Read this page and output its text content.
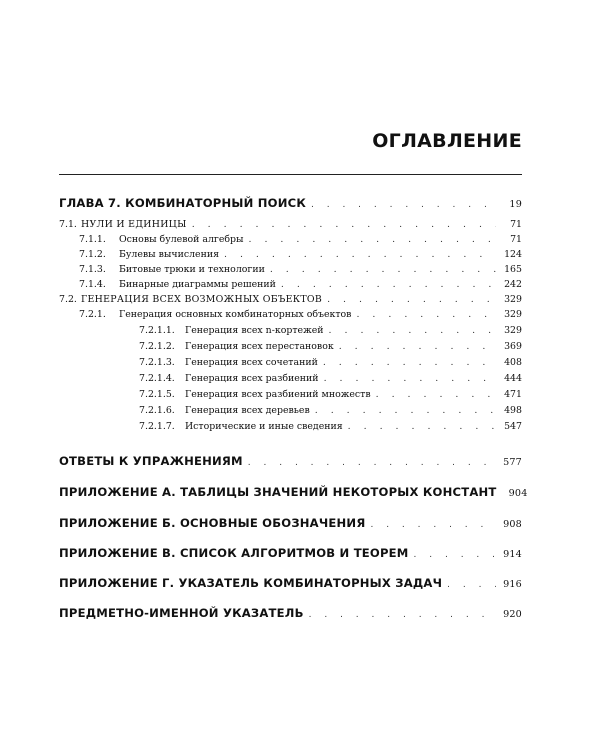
ОГЛАВЛЕНИЕ
ГЛАВА 7. КОМБИНАТОРНЫЙ ПОИСК . . .	19
7.1. НУЛИ И ЕДИНИЦЫ . . .	71
7.1.1.	Основы булевой алгебры . . .	71
7.1.2.	Булевы вычисления . . .	124
7.1.3.	Битовые трюки и технологии . . .	165
7.1.4.	Бинарные диаграммы решений . . .	242
7.2. ГЕНЕРАЦИЯ ВСЕХ ВОЗМОЖНЫХ ОБЪЕКТОВ . . .	329
7.2.1.	Генерация основных комбинаторных объектов . . .	329
7.2.1.1.	Генерация всех n-кортежей . . .	329
7.2.1.2.	Генерация всех перестановок . . .	369
7.2.1.3.	Генерация всех сочетаний . . .	408
7.2.1.4.	Генерация всех разбиений . . .	444
7.2.1.5.	Генерация всех разбиений множеств . . .	471
7.2.1.6.	Генерация всех деревьев . . .	498
7.2.1.7.	Исторические и иные сведения . . .	547
ОТВЕТЫ К УПРАЖНЕНИЯМ . . .	577
ПРИЛОЖЕНИЕ А. ТАБЛИЦЫ ЗНАЧЕНИЙ НЕКОТОРЫХ КОНСТАНТ	904
ПРИЛОЖЕНИЕ Б. ОСНОВНЫЕ ОБОЗНАЧЕНИЯ . . .	908
ПРИЛОЖЕНИЕ В. СПИСОК АЛГОРИТМОВ И ТЕОРЕМ . . .	914
ПРИЛОЖЕНИЕ Г. УКАЗАТЕЛЬ КОМБИНАТОРНЫХ ЗАДАЧ . . .	916
ПРЕДМЕТНО-ИМЕННОЙ УКАЗАТЕЛЬ . . .	920
